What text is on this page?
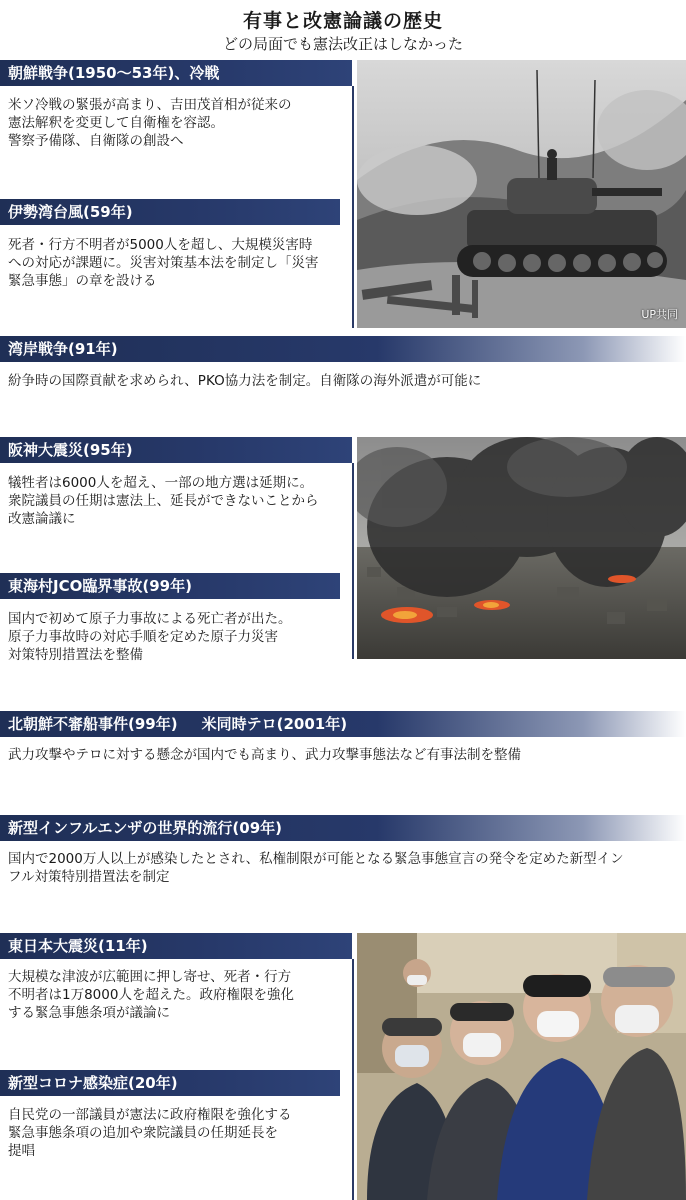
有事と改憲論議の歴史
どの局面でも憲法改正はしなかった
朝鮮戦争(1950〜53年)、冷戦
米ソ冷戦の緊張が高まり、吉田茂首相が従来の
憲法解釈を変更して自衛権を容認。
警察予備隊、自衛隊の創設へ
伊勢湾台風(59年)
死者・行方不明者が5000人を超し、大規模災害時
への対応が課題に。災害対策基本法を制定し「災害
緊急事態」の章を設ける
UP共同
湾岸戦争(91年)
紛争時の国際貢献を求められ、PKO協力法を制定。自衛隊の海外派遣が可能に
阪神大震災(95年)
犠牲者は6000人を超え、一部の地方選は延期に。
衆院議員の任期は憲法上、延長ができないことから
改憲論議に
東海村JCO臨界事故(99年)
国内で初めて原子力事故による死亡者が出た。
原子力事故時の対応手順を定めた原子力災害
対策特別措置法を整備
北朝鮮不審船事件(99年) 米同時テロ(2001年)
武力攻撃やテロに対する懸念が国内でも高まり、武力攻撃事態法など有事法制を整備
新型インフルエンザの世界的流行(09年)
国内で2000万人以上が感染したとされ、私権制限が可能となる緊急事態宣言の発令を定めた新型イン
フル対策特別措置法を制定
東日本大震災(11年)
大規模な津波が広範囲に押し寄せ、死者・行方
不明者は1万8000人を超えた。政府権限を強化
する緊急事態条項が議論に
新型コロナ感染症(20年)
自民党の一部議員が憲法に政府権限を強化する
緊急事態条項の追加や衆院議員の任期延長を
提唱
